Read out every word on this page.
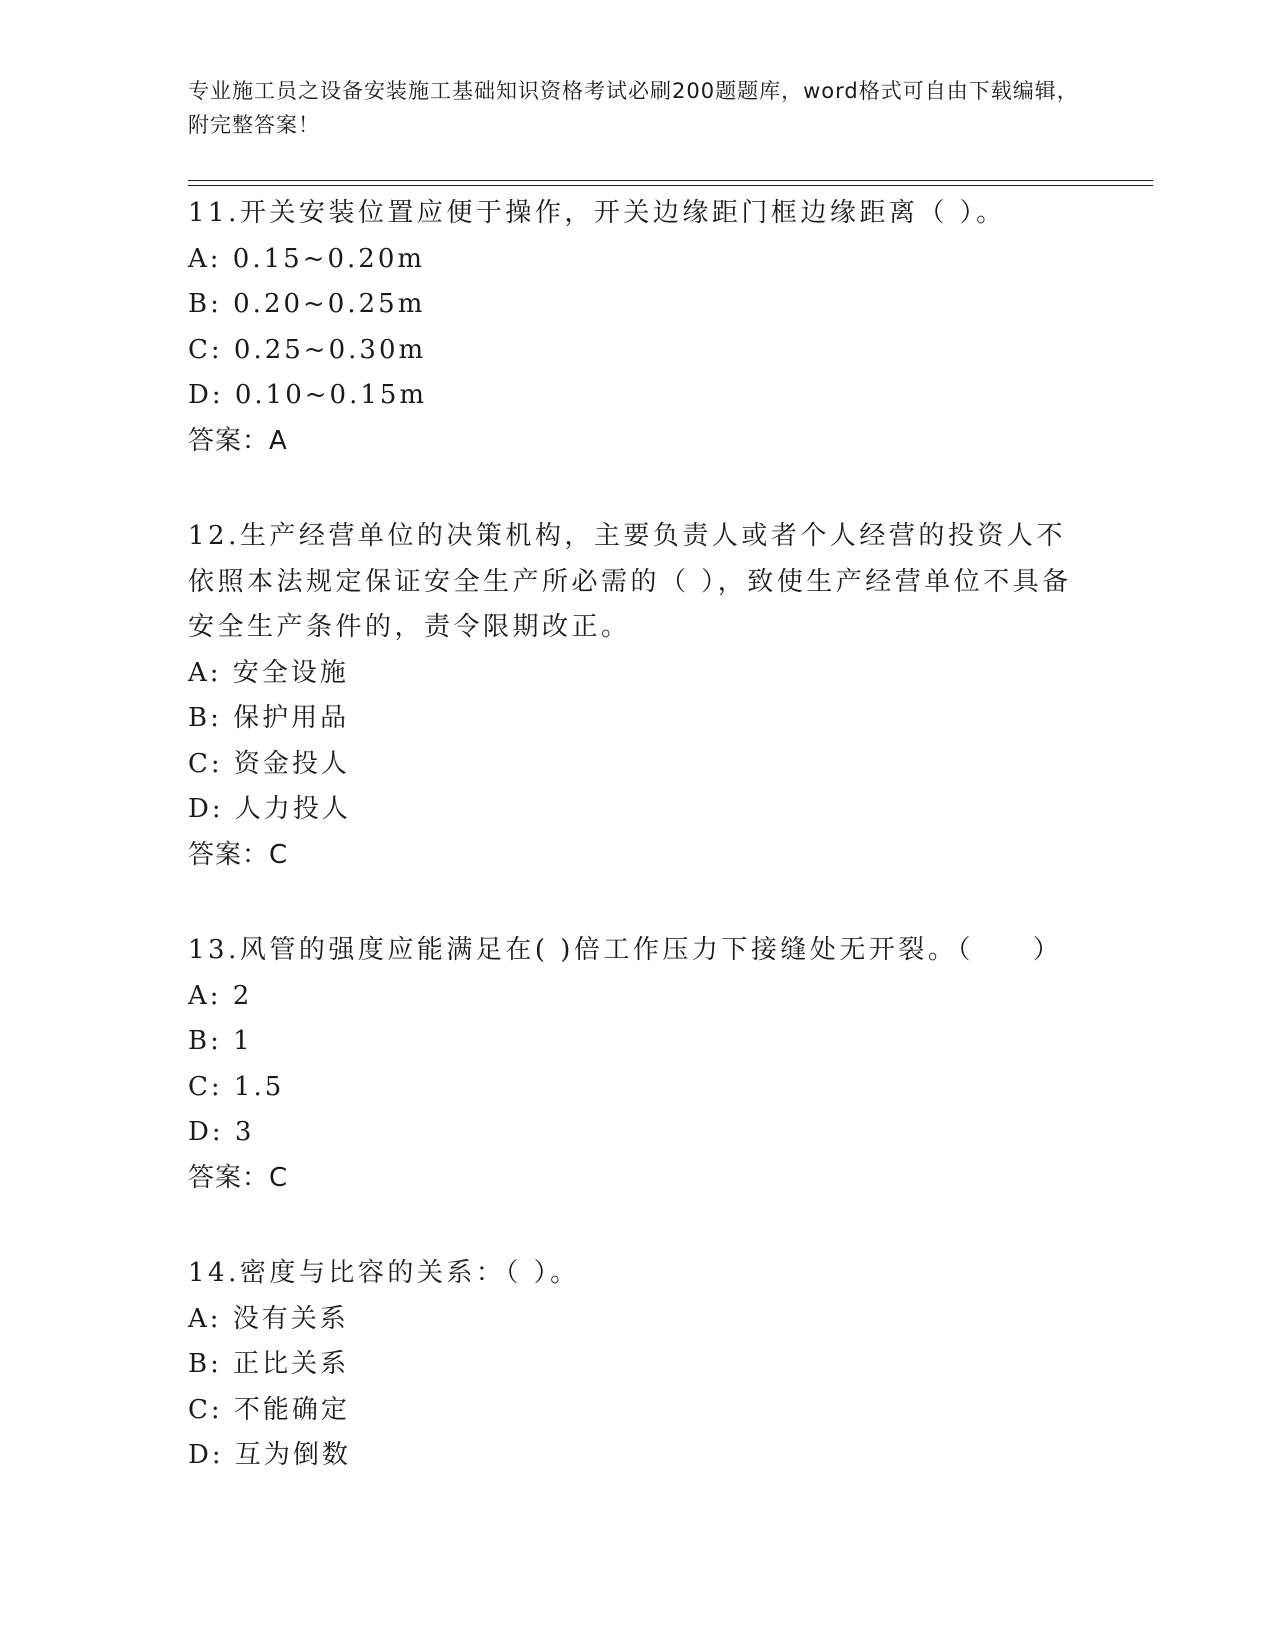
专业施工员之设备安装施工基础知识资格考试必刷200题题库，word格式可自由下载编辑，附完整答案！
11.开关安装位置应便于操作，开关边缘距门框边缘距离（ ）。
A: 0.15~0.20m
B: 0.20~0.25m
C: 0.25~0.30m
D: 0.10~0.15m
答案：A
12.生产经营单位的决策机构，主要负责人或者个人经营的投资人不依照本法规定保证安全生产所必需的（ ），致使生产经营单位不具备安全生产条件的，责令限期改正。
A: 安全设施
B: 保护用品
C: 资金投人
D: 人力投人
答案：C
13.风管的强度应能满足在( )倍工作压力下接缝处无开裂。（　　）
A: 2
B: 1
C: 1.5
D: 3
答案：C
14.密度与比容的关系：（ ）。
A: 没有关系
B: 正比关系
C: 不能确定
D: 互为倒数
